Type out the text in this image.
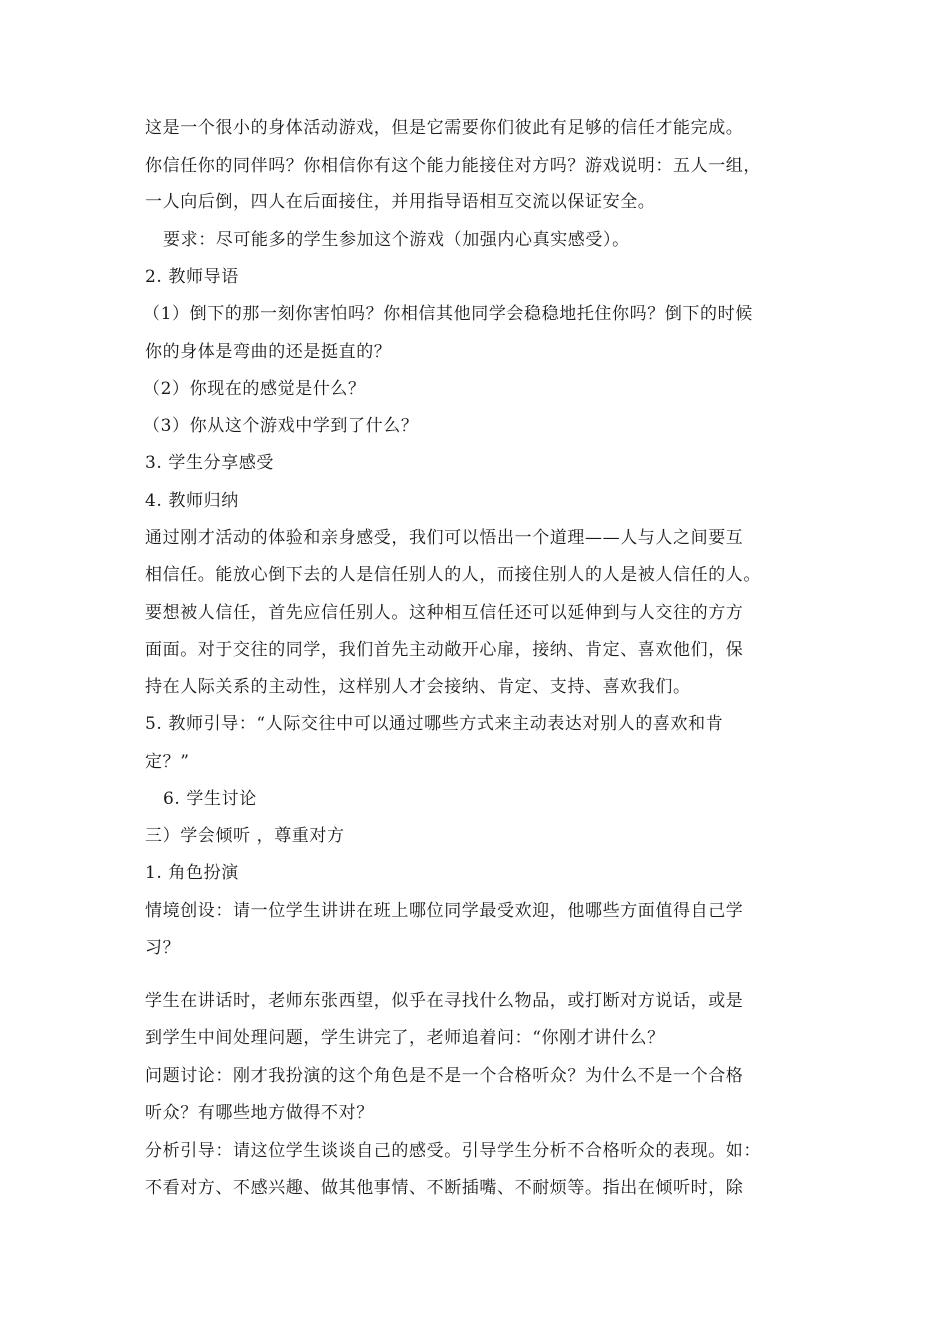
这是一个很小的身体活动游戏，但是它需要你们彼此有足够的信任才能完成。
你信任你的同伴吗？你相信你有这个能力能接住对方吗？游戏说明：五人一组，
一人向后倒，四人在后面接住，并用指导语相互交流以保证安全。
要求：尽可能多的学生参加这个游戏（加强内心真实感受）。
2. 教师导语
（1）倒下的那一刻你害怕吗？你相信其他同学会稳稳地托住你吗？倒下的时候
你的身体是弯曲的还是挺直的？
（2）你现在的感觉是什么？
（3）你从这个游戏中学到了什么？
3. 学生分享感受
4. 教师归纳
通过刚才活动的体验和亲身感受，我们可以悟出一个道理——人与人之间要互
相信任。能放心倒下去的人是信任别人的人，而接住别人的人是被人信任的人。
要想被人信任，首先应信任别人。这种相互信任还可以延伸到与人交往的方方
面面。对于交往的同学，我们首先主动敞开心扉，接纳、肯定、喜欢他们，保
持在人际关系的主动性，这样别人才会接纳、肯定、支持、喜欢我们。
5. 教师引导：“人际交往中可以通过哪些方式来主动表达对别人的喜欢和肯
定？”
6. 学生讨论
三）学会倾听 ，尊重对方
1. 角色扮演
情境创设：请一位学生讲讲在班上哪位同学最受欢迎，他哪些方面值得自己学
习？
学生在讲话时，老师东张西望，似乎在寻找什么物品，或打断对方说话，或是
到学生中间处理问题，学生讲完了，老师追着问：“你刚才讲什么？
问题讨论：刚才我扮演的这个角色是不是一个合格听众？为什么不是一个合格
听众？有哪些地方做得不对？
分析引导：请这位学生谈谈自己的感受。引导学生分析不合格听众的表现。如：
不看对方、不感兴趣、做其他事情、不断插嘴、不耐烦等。指出在倾听时，除
